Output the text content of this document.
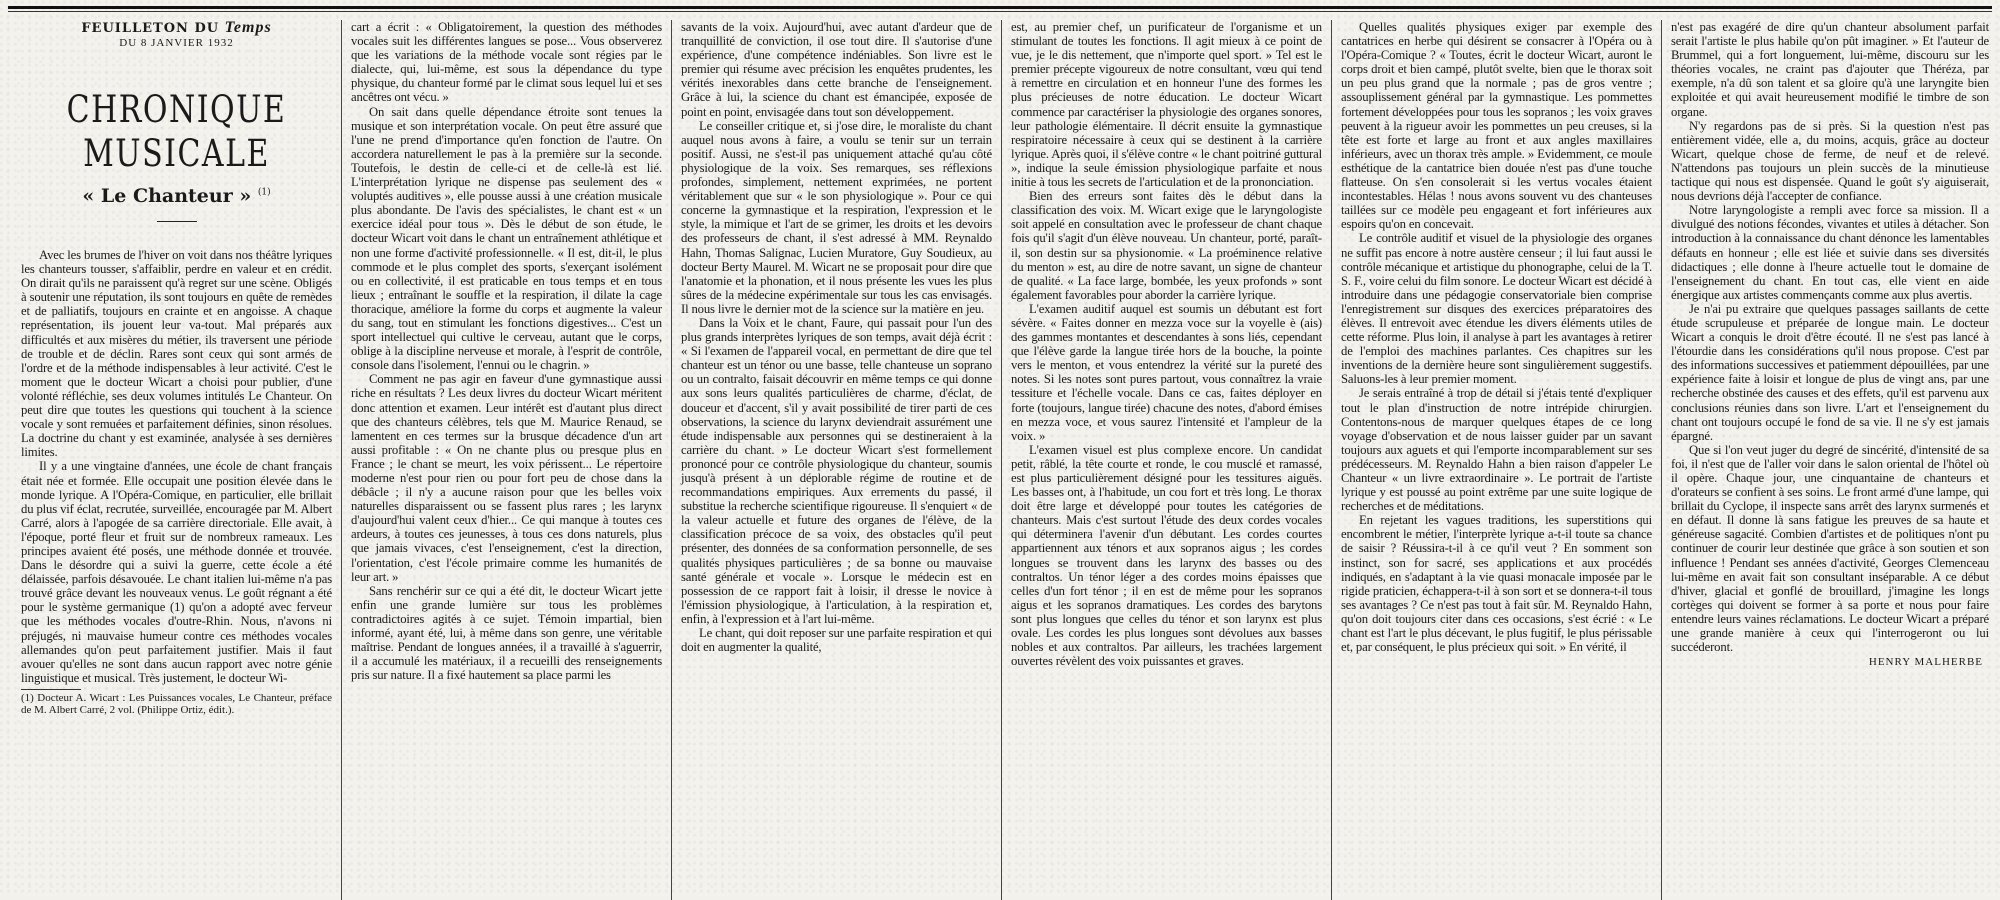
FEUILLETON DU Temps

DU 8 JANVIER 1932

CHRONIQUE MUSICALE
« Le Chanteur » $^{(1)}$

Avec les brumes de l'hiver on voit dans nos théâtre lyriques les chanteurs tousser, s'affaiblir, perdre en valeur et en crédit. On dirait qu'ils ne paraissent qu'à regret sur une scène. Obligés à soutenir une réputation, ils sont toujours en quête de remèdes et de palliatifs, toujours en crainte et en angoisse. A chaque représentation, ils jouent leur va-tout. Mal préparés aux difficultés et aux misères du métier, ils traversent une période de trouble et de déclin. Rares sont ceux qui sont armés de l'ordre et de la méthode indispensables à leur activité. C'est le moment que le docteur Wicart a choisi pour publier, d'une volonté réfléchie, ses deux volumes intitulés Le Chanteur. On peut dire que toutes les questions qui touchent à la science vocale y sont remuées et parfaitement définies, sinon résolues. La doctrine du chant y est examinée, analysée à ses dernières limites.

Il y a une vingtaine d'années, une école de chant français était née et formée. Elle occupait une position élevée dans le monde lyrique. A l'Opéra-Comique, en particulier, elle brillait du plus vif éclat, recrutée, surveillée, encouragée par M. Albert Carré, alors à l'apogée de sa carrière directoriale. Elle avait, à l'époque, porté fleur et fruit sur de nombreux rameaux. Les principes avaient été posés, une méthode donnée et trouvée. Dans le désordre qui a suivi la guerre, cette école a été délaissée, parfois désavouée. Le chant italien lui-même n'a pas trouvé grâce devant les nouveaux venus. Le goût régnant a été pour le système germanique (1) qu'on a adopté avec ferveur que les méthodes vocales d'outre-Rhin. Nous, n'avons ni préjugés, ni mauvaise humeur contre ces méthodes vocales allemandes qu'on peut parfaitement justifier. Mais il faut avouer qu'elles ne sont dans aucun rapport avec notre génie linguistique et musical. Très justement, le docteur Wi-

(1) Docteur A. Wicart : Les Puissances vocales, Le Chanteur, préface de M. Albert Carré, 2 vol. (Philippe Ortiz, édit.).

cart a écrit : « Obligatoirement, la question des méthodes vocales suit les différentes langues se pose... Vous observerez que les variations de la méthode vocale sont régies par le dialecte, qui, lui-même, est sous la dépendance du type physique, du chanteur formé par le climat sous lequel lui et ses ancêtres ont vécu. »

On sait dans quelle dépendance étroite sont tenues la musique et son interprétation vocale. On peut être assuré que l'une ne prend d'importance qu'en fonction de l'autre. On accordera naturellement le pas à la première sur la seconde. Toutefois, le destin de celle-ci et de celle-là est lié. L'interprétation lyrique ne dispense pas seulement des « voluptés auditives », elle pousse aussi à une création musicale plus abondante. De l'avis des spécialistes, le chant est « un exercice idéal pour tous ». Dès le début de son étude, le docteur Wicart voit dans le chant un entraînement athlétique et non une forme d'activité professionnelle. « Il est, dit-il, le plus commode et le plus complet des sports, s'exerçant isolément ou en collectivité, il est praticable en tous temps et en tous lieux ; entraînant le souffle et la respiration, il dilate la cage thoracique, améliore la forme du corps et augmente la valeur du sang, tout en stimulant les fonctions digestives... C'est un sport intellectuel qui cultive le cerveau, autant que le corps, oblige à la discipline nerveuse et morale, à l'esprit de contrôle, console dans l'isolement, l'ennui ou le chagrin. »

Comment ne pas agir en faveur d'une gymnastique aussi riche en résultats ? Les deux livres du docteur Wicart méritent donc attention et examen. Leur intérêt est d'autant plus direct que des chanteurs célèbres, tels que M. Maurice Renaud, se lamentent en ces termes sur la brusque décadence d'un art aussi profitable : « On ne chante plus ou presque plus en France ; le chant se meurt, les voix périssent... Le répertoire moderne n'est pour rien ou pour fort peu de chose dans la débâcle ; il n'y a aucune raison pour que les belles voix naturelles disparaissent ou se fassent plus rares ; les larynx d'aujourd'hui valent ceux d'hier... Ce qui manque à toutes ces ardeurs, à toutes ces jeunesses, à tous ces dons naturels, plus que jamais vivaces, c'est l'enseignement, c'est la direction, l'orientation, c'est l'école primaire comme les humanités de leur art. »

Sans renchérir sur ce qui a été dit, le docteur Wicart jette enfin une grande lumière sur tous les problèmes contradictoires agités à ce sujet. Témoin impartial, bien informé, ayant été, lui, à même dans son genre, une véritable maîtrise. Pendant de longues années, il a travaillé à s'aguerrir, il a accumulé les matériaux, il a recueilli des renseignements pris sur nature. Il a fixé hautement sa place parmi les

savants de la voix. Aujourd'hui, avec autant d'ardeur que de tranquillité de conviction, il ose tout dire. Il s'autorise d'une expérience, d'une compétence indéniables. Son livre est le premier qui résume avec précision les enquêtes prudentes, les vérités inexorables dans cette branche de l'enseignement. Grâce à lui, la science du chant est émancipée, exposée de point en point, envisagée dans tout son développement.

Le conseiller critique et, si j'ose dire, le moraliste du chant auquel nous avons à faire, a voulu se tenir sur un terrain positif. Aussi, ne s'est-il pas uniquement attaché qu'au côté physiologique de la voix. Ses remarques, ses réflexions profondes, simplement, nettement exprimées, ne portent véritablement que sur « le son physiologique ». Pour ce qui concerne la gymnastique et la respiration, l'expression et le style, la mimique et l'art de se grimer, les droits et les devoirs des professeurs de chant, il s'est adressé à MM. Reynaldo Hahn, Thomas Salignac, Lucien Muratore, Guy Soudieux, au docteur Berty Maurel. M. Wicart ne se proposait pour dire que l'anatomie et la phonation, et il nous présente les vues les plus sûres de la médecine expérimentale sur tous les cas envisagés. Il nous livre le dernier mot de la science sur la matière en jeu.

Dans la Voix et le chant, Faure, qui passait pour l'un des plus grands interprètes lyriques de son temps, avait déjà écrit : « Si l'examen de l'appareil vocal, en permettant de dire que tel chanteur est un ténor ou une basse, telle chanteuse un soprano ou un contralto, faisait découvrir en même temps ce qui donne aux sons leurs qualités particulières de charme, d'éclat, de douceur et d'accent, s'il y avait possibilité de tirer parti de ces observations, la science du larynx deviendrait assurément une étude indispensable aux personnes qui se destineraient à la carrière du chant. » Le docteur Wicart s'est formellement prononcé pour ce contrôle physiologique du chanteur, soumis jusqu'à présent à un déplorable régime de routine et de recommandations empiriques. Aux errements du passé, il substitue la recherche scientifique rigoureuse. Il s'enquiert « de la valeur actuelle et future des organes de l'élève, de la classification précoce de sa voix, des obstacles qu'il peut présenter, des données de sa conformation personnelle, de ses qualités physiques particulières ; de sa bonne ou mauvaise santé générale et vocale ». Lorsque le médecin est en possession de ce rapport fait à loisir, il dresse le novice à l'émission physiologique, à l'articulation, à la respiration et, enfin, à l'expression et à l'art lui-même.

Le chant, qui doit reposer sur une parfaite respiration et qui doit en augmenter la qualité,

est, au premier chef, un purificateur de l'organisme et un stimulant de toutes les fonctions. Il agit mieux à ce point de vue, je le dis nettement, que n'importe quel sport. » Tel est le premier précepte vigoureux de notre consultant, vœu qui tend à remettre en circulation et en honneur l'une des formes les plus précieuses de notre éducation. Le docteur Wicart commence par caractériser la physiologie des organes sonores, leur pathologie élémentaire. Il décrit ensuite la gymnastique respiratoire nécessaire à ceux qui se destinent à la carrière lyrique. Après quoi, il s'élève contre « le chant poitriné guttural », indique la seule émission physiologique parfaite et nous initie à tous les secrets de l'articulation et de la prononciation.

Bien des erreurs sont faites dès le début dans la classification des voix. M. Wicart exige que le laryngologiste soit appelé en consultation avec le professeur de chant chaque fois qu'il s'agit d'un élève nouveau. Un chanteur, porté, paraît-il, son destin sur sa physionomie. « La proéminence relative du menton » est, au dire de notre savant, un signe de chanteur de qualité. « La face large, bombée, les yeux profonds » sont également favorables pour aborder la carrière lyrique.

L'examen auditif auquel est soumis un débutant est fort sévère. « Faites donner en mezza voce sur la voyelle è (ais) des gammes montantes et descendantes à sons liés, cependant que l'élève garde la langue tirée hors de la bouche, la pointe vers le menton, et vous entendrez la vérité sur la pureté des notes. Si les notes sont pures partout, vous connaîtrez la vraie tessiture et l'échelle vocale. Dans ce cas, faites déployer en forte (toujours, langue tirée) chacune des notes, d'abord émises en mezza voce, et vous saurez l'intensité et l'ampleur de la voix. »

L'examen visuel est plus complexe encore. Un candidat petit, râblé, la tête courte et ronde, le cou musclé et ramassé, est plus particulièrement désigné pour les tessitures aiguës. Les basses ont, à l'habitude, un cou fort et très long. Le thorax doit être large et développé pour toutes les catégories de chanteurs. Mais c'est surtout l'étude des deux cordes vocales qui déterminera l'avenir d'un débutant. Les cordes courtes appartiennent aux ténors et aux sopranos aigus ; les cordes longues se trouvent dans les larynx des basses ou des contraltos. Un ténor léger a des cordes moins épaisses que celles d'un fort ténor ; il en est de même pour les sopranos aigus et les sopranos dramatiques. Les cordes des barytons sont plus longues que celles du ténor et son larynx est plus ovale. Les cordes les plus longues sont dévolues aux basses nobles et aux contraltos. Par ailleurs, les trachées largement ouvertes révèlent des voix puissantes et graves.

Quelles qualités physiques exiger par exemple des cantatrices en herbe qui désirent se consacrer à l'Opéra ou à l'Opéra-Comique ? « Toutes, écrit le docteur Wicart, auront le corps droit et bien campé, plutôt svelte, bien que le thorax soit un peu plus grand que la normale ; pas de gros ventre ; assouplissement général par la gymnastique. Les pommettes fortement développées pour tous les sopranos ; les voix graves peuvent à la rigueur avoir les pommettes un peu creuses, si la tête est forte et large au front et aux angles maxillaires inférieurs, avec un thorax très ample. » Evidemment, ce moule esthétique de la cantatrice bien douée n'est pas d'une touche flatteuse. On s'en consolerait si les vertus vocales étaient incontestables. Hélas ! nous avons souvent vu des chanteuses taillées sur ce modèle peu engageant et fort inférieures aux espoirs qu'on en concevait.

Le contrôle auditif et visuel de la physiologie des organes ne suffit pas encore à notre austère censeur ; il lui faut aussi le contrôle mécanique et artistique du phonographe, celui de la T. S. F., voire celui du film sonore. Le docteur Wicart est décidé à introduire dans une pédagogie conservatoriale bien comprise l'enregistrement sur disques des exercices préparatoires des élèves. Il entrevoit avec étendue les divers éléments utiles de cette réforme. Plus loin, il analyse à part les avantages à retirer de l'emploi des machines parlantes. Ces chapitres sur les inventions de la dernière heure sont singulièrement suggestifs. Saluons-les à leur premier moment.

Je serais entraîné à trop de détail si j'étais tenté d'expliquer tout le plan d'instruction de notre intrépide chirurgien. Contentons-nous de marquer quelques étapes de ce long voyage d'observation et de nous laisser guider par un savant toujours aux aguets et qui l'emporte incomparablement sur ses prédécesseurs. M. Reynaldo Hahn a bien raison d'appeler Le Chanteur « un livre extraordinaire ». Le portrait de l'artiste lyrique y est poussé au point extrême par une suite logique de recherches et de méditations.

En rejetant les vagues traditions, les superstitions qui encombrent le métier, l'interprète lyrique a-t-il toute sa chance de saisir ? Réussira-t-il à ce qu'il veut ? En somment son instinct, son for sacré, ses applications et aux procédés indiqués, en s'adaptant à la vie quasi monacale imposée par le rigide praticien, échappera-t-il à son sort et se donnera-t-il tous ses avantages ? Ce n'est pas tout à fait sûr. M. Reynaldo Hahn, qu'on doit toujours citer dans ces occasions, s'est écrié : « Le chant est l'art le plus décevant, le plus fugitif, le plus périssable et, par conséquent, le plus précieux qui soit. » En vérité, il

n'est pas exagéré de dire qu'un chanteur absolument parfait serait l'artiste le plus habile qu'on pût imaginer. » Et l'auteur de Brummel, qui a fort longuement, lui-même, discouru sur les théories vocales, ne craint pas d'ajouter que Théréza, par exemple, n'a dû son talent et sa gloire qu'à une laryngite bien exploitée et qui avait heureusement modifié le timbre de son organe.

N'y regardons pas de si près. Si la question n'est pas entièrement vidée, elle a, du moins, acquis, grâce au docteur Wicart, quelque chose de ferme, de neuf et de relevé. N'attendons pas toujours un plein succès de la minutieuse tactique qui nous est dispensée. Quand le goût s'y aiguiserait, nous devrions déjà l'accepter de confiance.

Notre laryngologiste a rempli avec force sa mission. Il a divulgué des notions fécondes, vivantes et utiles à détacher. Son introduction à la connaissance du chant dénonce les lamentables défauts en honneur ; elle est liée et suivie dans ses diversités didactiques ; elle donne à l'heure actuelle tout le domaine de l'enseignement du chant. En tout cas, elle vient en aide énergique aux artistes commençants comme aux plus avertis.

Je n'ai pu extraire que quelques passages saillants de cette étude scrupuleuse et préparée de longue main. Le docteur Wicart a conquis le droit d'être écouté. Il ne s'est pas lancé à l'étourdie dans les considérations qu'il nous propose. C'est par des informations successives et patiemment dépouillées, par une expérience faite à loisir et longue de plus de vingt ans, par une recherche obstinée des causes et des effets, qu'il est parvenu aux conclusions réunies dans son livre. L'art et l'enseignement du chant ont toujours occupé le fond de sa vie. Il ne s'y est jamais épargné.

Que si l'on veut juger du degré de sincérité, d'intensité de sa foi, il n'est que de l'aller voir dans le salon oriental de l'hôtel où il opère. Chaque jour, une cinquantaine de chanteurs et d'orateurs se confient à ses soins. Le front armé d'une lampe, qui brillait du Cyclope, il inspecte sans arrêt des larynx surmenés et en défaut. Il donne là sans fatigue les preuves de sa haute et généreuse sagacité. Combien d'artistes et de politiques n'ont pu continuer de courir leur destinée que grâce à son soutien et son influence ! Pendant ses années d'activité, Georges Clemenceau lui-même en avait fait son consultant inséparable. A ce début d'hiver, glacial et gonflé de brouillard, j'imagine les longs cortèges qui doivent se former à sa porte et nous pour faire entendre leurs vaines réclamations. Le docteur Wicart a préparé une grande manière à ceux qui l'interrogeront ou lui succéderont.

HENRY MALHERBE
